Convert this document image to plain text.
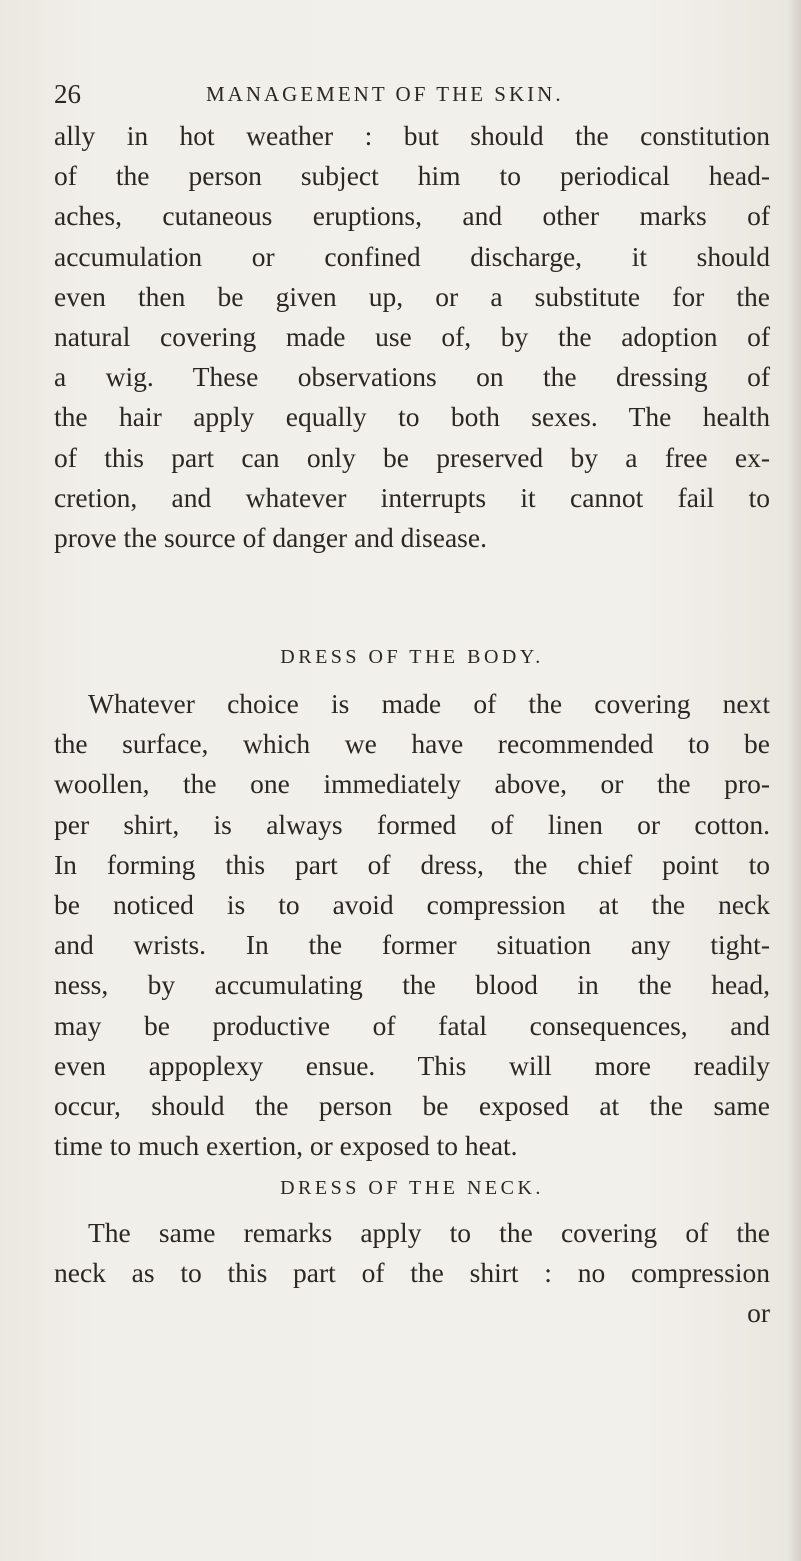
26	MANAGEMENT OF THE SKIN.
ally in hot weather : but should the constitution
of the person subject him to periodical head-
aches, cutaneous eruptions, and other marks of
accumulation or confined discharge, it should
even then be given up, or a substitute for the
natural covering made use of, by the adoption of
a wig. These observations on the dressing of
the hair apply equally to both sexes. The health
of this part can only be preserved by a free ex-
cretion, and whatever interrupts it cannot fail to
prove the source of danger and disease.
DRESS OF THE BODY.
Whatever choice is made of the covering next
the surface, which we have recommended to be
woollen, the one immediately above, or the pro-
per shirt, is always formed of linen or cotton.
In forming this part of dress, the chief point to
be noticed is to avoid compression at the neck
and wrists. In the former situation any tight-
ness, by accumulating the blood in the head,
may be productive of fatal consequences, and
even appoplexy ensue. This will more readily
occur, should the person be exposed at the same
time to much exertion, or exposed to heat.
DRESS OF THE NECK.
The same remarks apply to the covering of the
neck as to this part of the shirt : no compression
or
